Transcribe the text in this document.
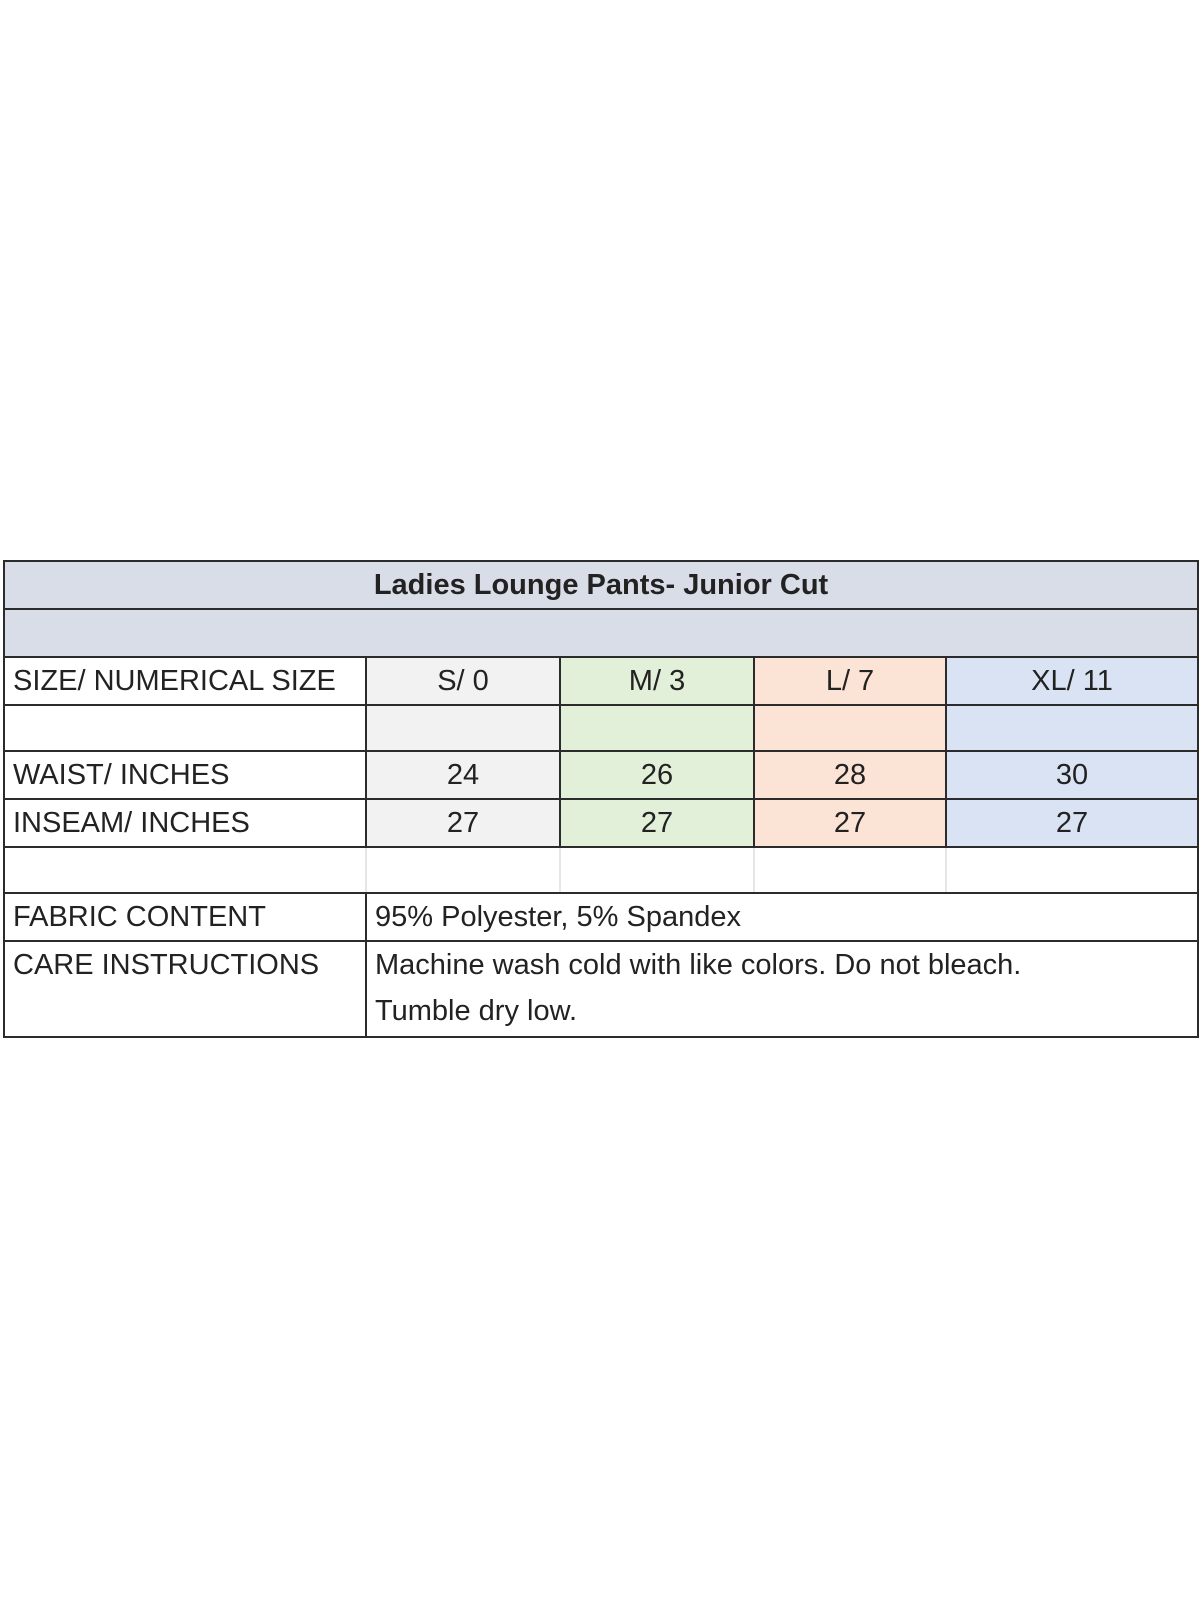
Ladies Lounge Pants- Junior Cut				

SIZE/ NUMERICAL SIZE	S/ 0	M/ 3	L/ 7	XL/ 11

WAIST/ INCHES	24	26	28	30
INSEAM/ INCHES	27	27	27	27

FABRIC CONTENT	95% Polyester, 5% Spandex			
CARE INSTRUCTIONS	Machine wash cold with like colors. Do not bleach.
Tumble dry low.			
